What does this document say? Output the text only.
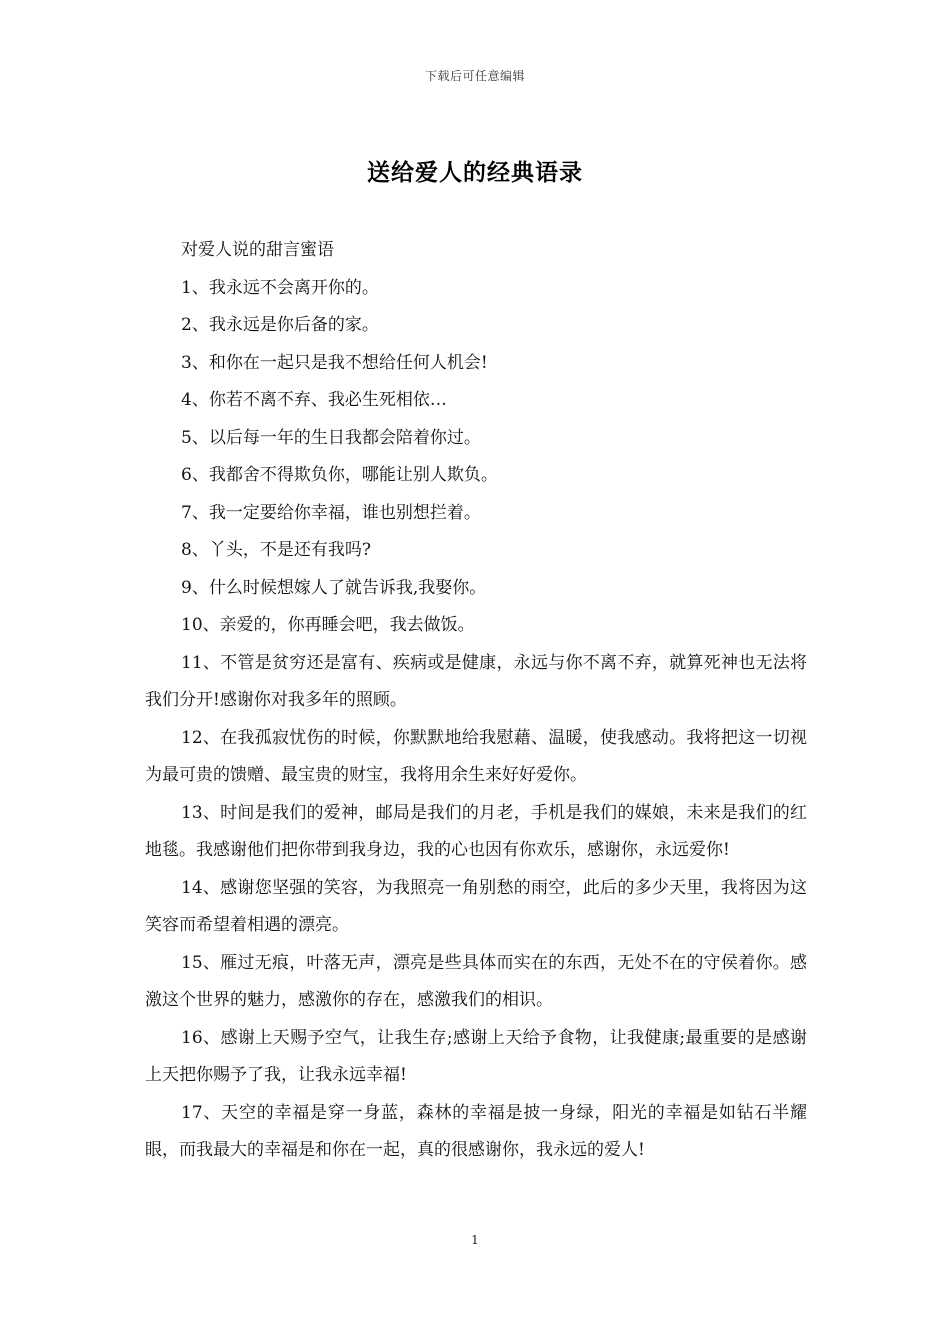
下载后可任意编辑
送给爱人的经典语录

对爱人说的甜言蜜语

1、我永远不会离开你的。

2、我永远是你后备的家。

3、和你在一起只是我不想给任何人机会!

4、你若不离不弃、我必生死相依…

5、以后每一年的生日我都会陪着你过。

6、我都舍不得欺负你，哪能让别人欺负。

7、我一定要给你幸福，谁也别想拦着。

8、丫头，不是还有我吗?

9、什么时候想嫁人了就告诉我,我娶你。

10、亲爱的，你再睡会吧，我去做饭。

11、不管是贫穷还是富有、疾病或是健康，永远与你不离不弃，就算死神也无法将我们分开!感谢你对我多年的照顾。

12、在我孤寂忧伤的时候，你默默地给我慰藉、温暖，使我感动。我将把这一切视为最可贵的馈赠、最宝贵的财宝，我将用余生来好好爱你。

13、时间是我们的爱神，邮局是我们的月老，手机是我们的媒娘，未来是我们的红地毯。我感谢他们把你带到我身边，我的心也因有你欢乐，感谢你，永远爱你!

14、感谢您坚强的笑容，为我照亮一角别愁的雨空，此后的多少天里，我将因为这笑容而希望着相遇的漂亮。

15、雁过无痕，叶落无声，漂亮是些具体而实在的东西，无处不在的守侯着你。感激这个世界的魅力，感激你的存在，感激我们的相识。

16、感谢上天赐予空气，让我生存;感谢上天给予食物，让我健康;最重要的是感谢上天把你赐予了我，让我永远幸福!

17、天空的幸福是穿一身蓝，森林的幸福是披一身绿，阳光的幸福是如钻石半耀眼，而我最大的幸福是和你在一起，真的很感谢你，我永远的爱人!

1
